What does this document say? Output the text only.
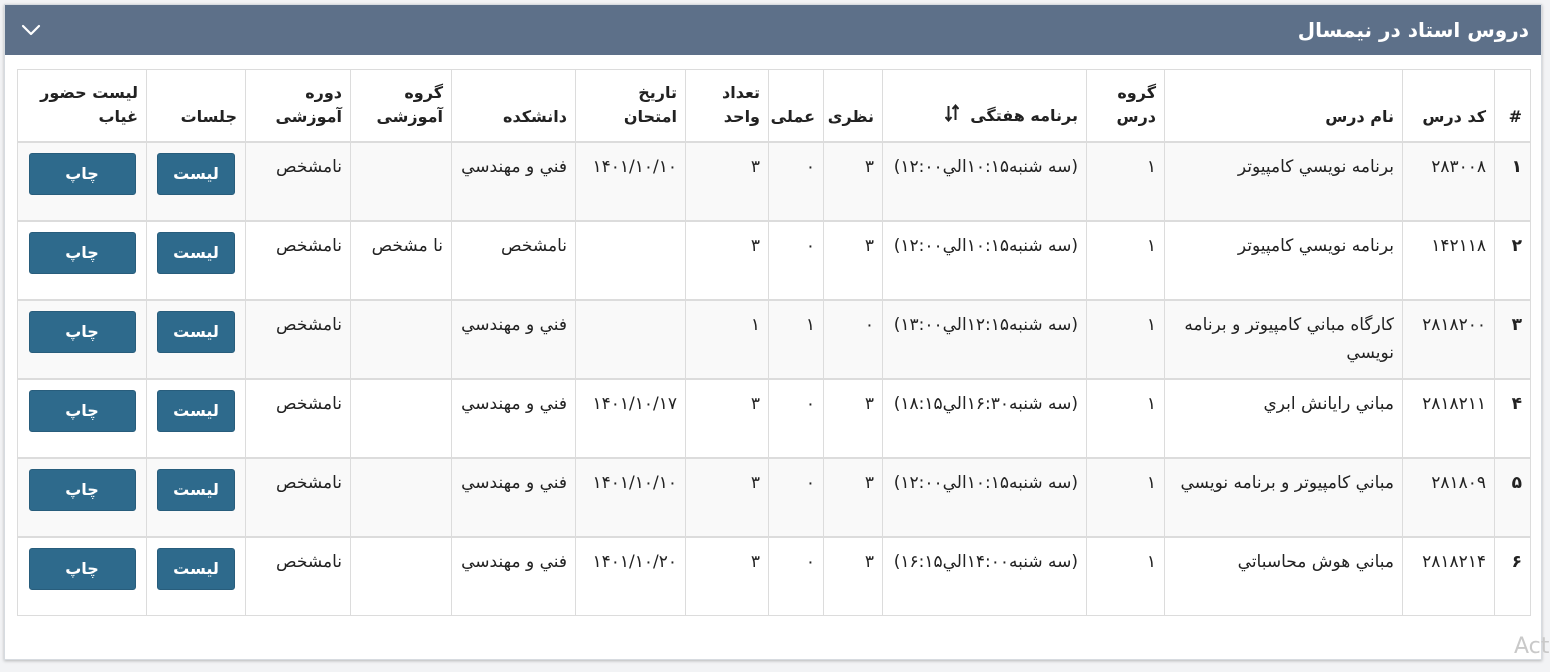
دروس استاد در نیمسال
#	کد درس	نام درس	گروه درس	برنامه هفتگی	نظری	عملی	تعداد واحد	تاریخ امتحان	دانشکده	گروه آموزشی	دوره آموزشی	جلسات	لیست حضور غیاب
۱	۲۸۳۰۰۸	برنامه نويسي كامپيوتر	۱	(سه شنبه۱۰:۱۵الي۱۲:۰۰)	۳	۰	۳	۱۴۰۱/۱۰/۱۰	فني و مهندسي		نامشخص	لیست	چاپ
۲	۱۴۲۱۱۸	برنامه نويسي كامپيوتر	۱	(سه شنبه۱۰:۱۵الي۱۲:۰۰)	۳	۰	۳		نامشخص	نا مشخص	نامشخص	لیست	چاپ
۳	۲۸۱۸۲۰۰	كارگاه مباني كامپيوتر و برنامه نويسي	۱	(سه شنبه۱۲:۱۵الي۱۳:۰۰)	۰	۱	۱		فني و مهندسي		نامشخص	لیست	چاپ
۴	۲۸۱۸۲۱۱	مباني رايانش ابري	۱	(سه شنبه۱۶:۳۰الي۱۸:۱۵)	۳	۰	۳	۱۴۰۱/۱۰/۱۷	فني و مهندسي		نامشخص	لیست	چاپ
۵	۲۸۱۸۰۹	مباني كامپيوتر و برنامه نويسي	۱	(سه شنبه۱۰:۱۵الي۱۲:۰۰)	۳	۰	۳	۱۴۰۱/۱۰/۱۰	فني و مهندسي		نامشخص	لیست	چاپ
۶	۲۸۱۸۲۱۴	مباني هوش محاسباتي	۱	(سه شنبه۱۴:۰۰الي۱۶:۱۵)	۳	۰	۳	۱۴۰۱/۱۰/۲۰	فني و مهندسي		نامشخص	لیست	چاپ
Act
